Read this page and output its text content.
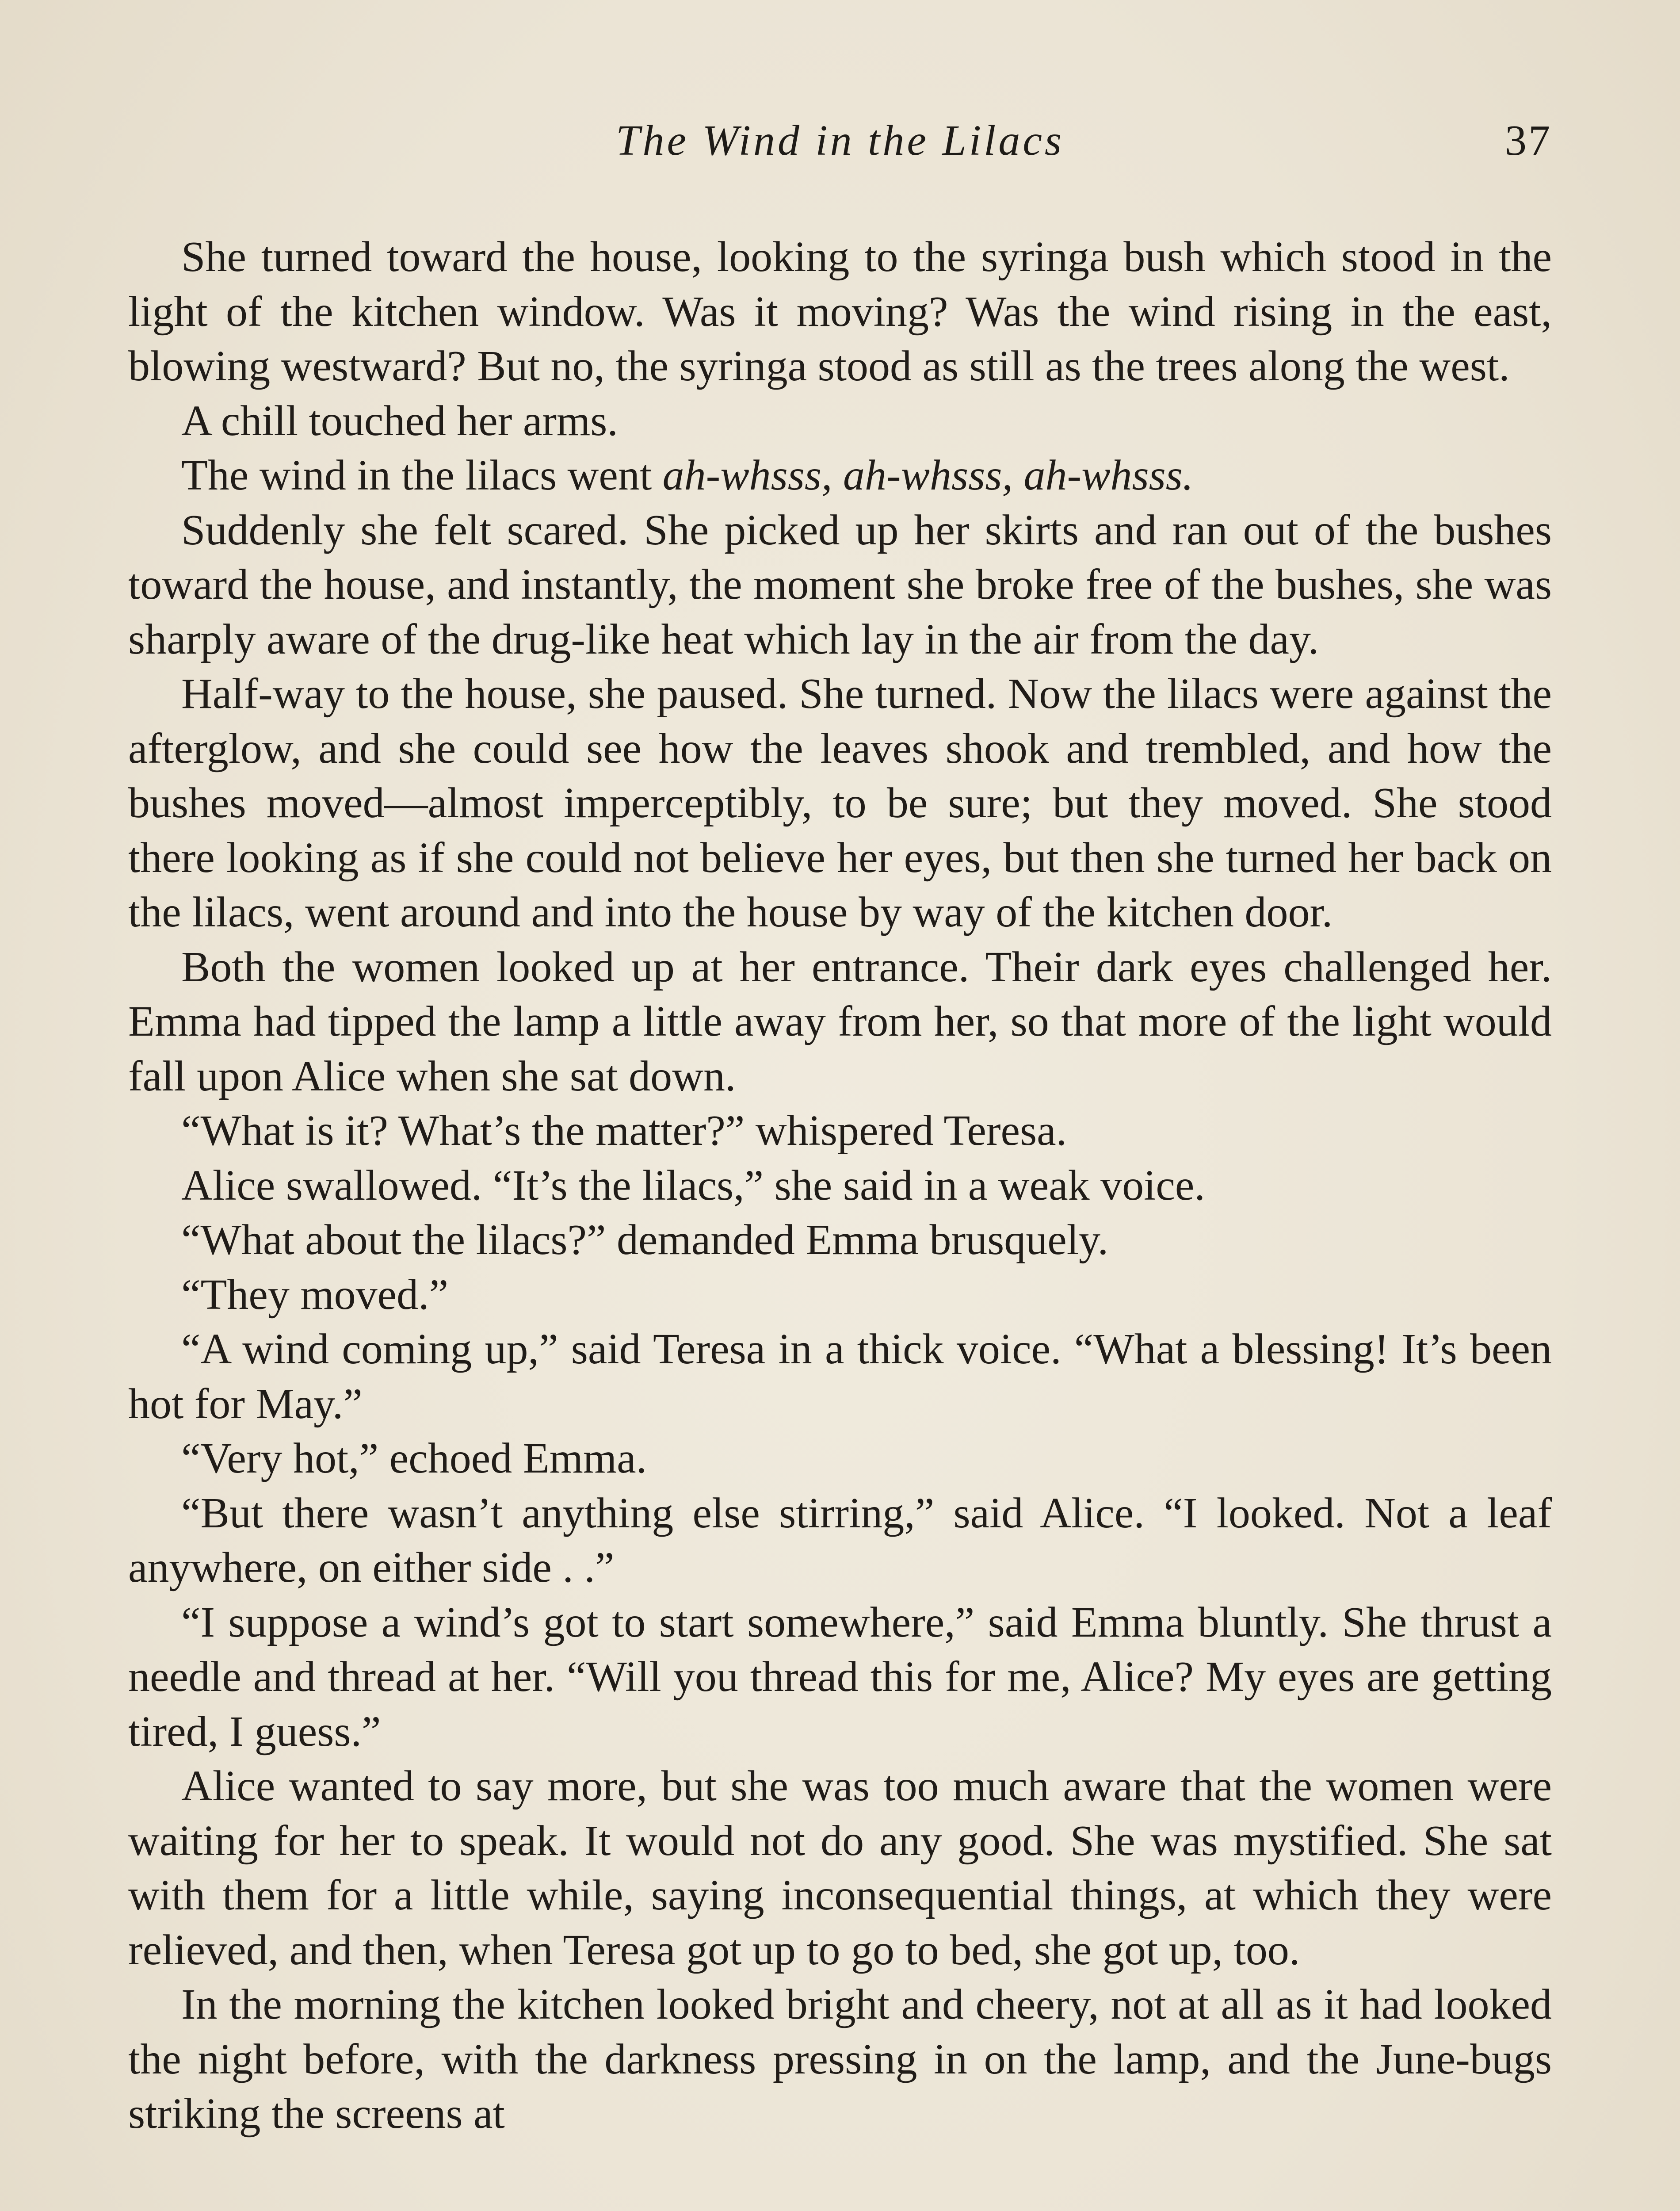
The Wind in the Lilacs	37

She turned toward the house, looking to the syringa bush which stood in the light of the kitchen window. Was it moving? Was the wind rising in the east, blowing westward? But no, the syringa stood as still as the trees along the west.

A chill touched her arms.

The wind in the lilacs went ah-whsss, ah-whsss, ah-whsss.

Suddenly she felt scared. She picked up her skirts and ran out of the bushes toward the house, and instantly, the moment she broke free of the bushes, she was sharply aware of the drug-like heat which lay in the air from the day.

Half-way to the house, she paused. She turned. Now the lilacs were against the afterglow, and she could see how the leaves shook and trembled, and how the bushes moved—almost imperceptibly, to be sure; but they moved. She stood there looking as if she could not believe her eyes, but then she turned her back on the lilacs, went around and into the house by way of the kitchen door.

Both the women looked up at her entrance. Their dark eyes challenged her. Emma had tipped the lamp a little away from her, so that more of the light would fall upon Alice when she sat down.

“What is it? What’s the matter?” whispered Teresa.

Alice swallowed. “It’s the lilacs,” she said in a weak voice.

“What about the lilacs?” demanded Emma brusquely.

“They moved.”

“A wind coming up,” said Teresa in a thick voice. “What a blessing! It’s been hot for May.”

“Very hot,” echoed Emma.

“But there wasn’t anything else stirring,” said Alice. “I looked. Not a leaf anywhere, on either side . .”

“I suppose a wind’s got to start somewhere,” said Emma bluntly. She thrust a needle and thread at her. “Will you thread this for me, Alice? My eyes are getting tired, I guess.”

Alice wanted to say more, but she was too much aware that the women were waiting for her to speak. It would not do any good. She was mystified. She sat with them for a little while, saying inconsequential things, at which they were relieved, and then, when Teresa got up to go to bed, she got up, too.

In the morning the kitchen looked bright and cheery, not at all as it had looked the night before, with the darkness pressing in on the lamp, and the June-bugs striking the screens at
